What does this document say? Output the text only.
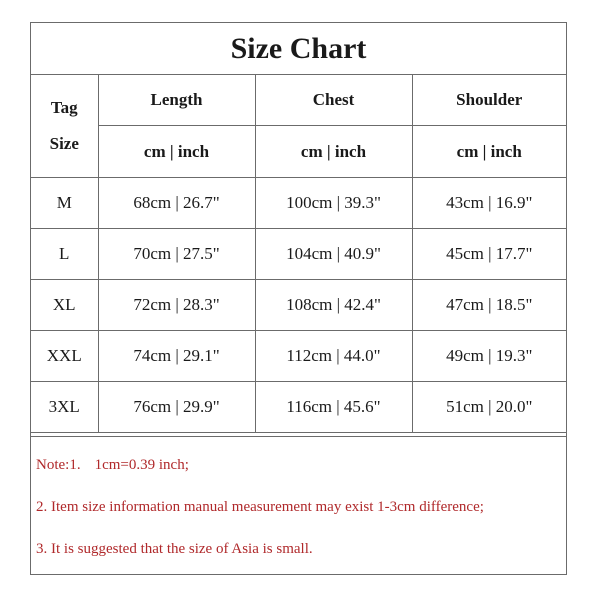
Size Chart
Tag
Size	Length	Chest	Shoulder
	cm | inch	cm | inch	cm | inch
M	68cm | 26.7"	100cm | 39.3"	43cm | 16.9"
L	70cm | 27.5"	104cm | 40.9"	45cm | 17.7"
XL	72cm | 28.3"	108cm | 42.4"	47cm | 18.5"
XXL	74cm | 29.1"	112cm | 44.0"	49cm | 19.3"
3XL	76cm | 29.9"	116cm | 45.6"	51cm | 20.0"
Note:1. 1cm=0.39 inch;
2. Item size information manual measurement may exist 1-3cm difference;
3. It is suggested that the size of Asia is small.
